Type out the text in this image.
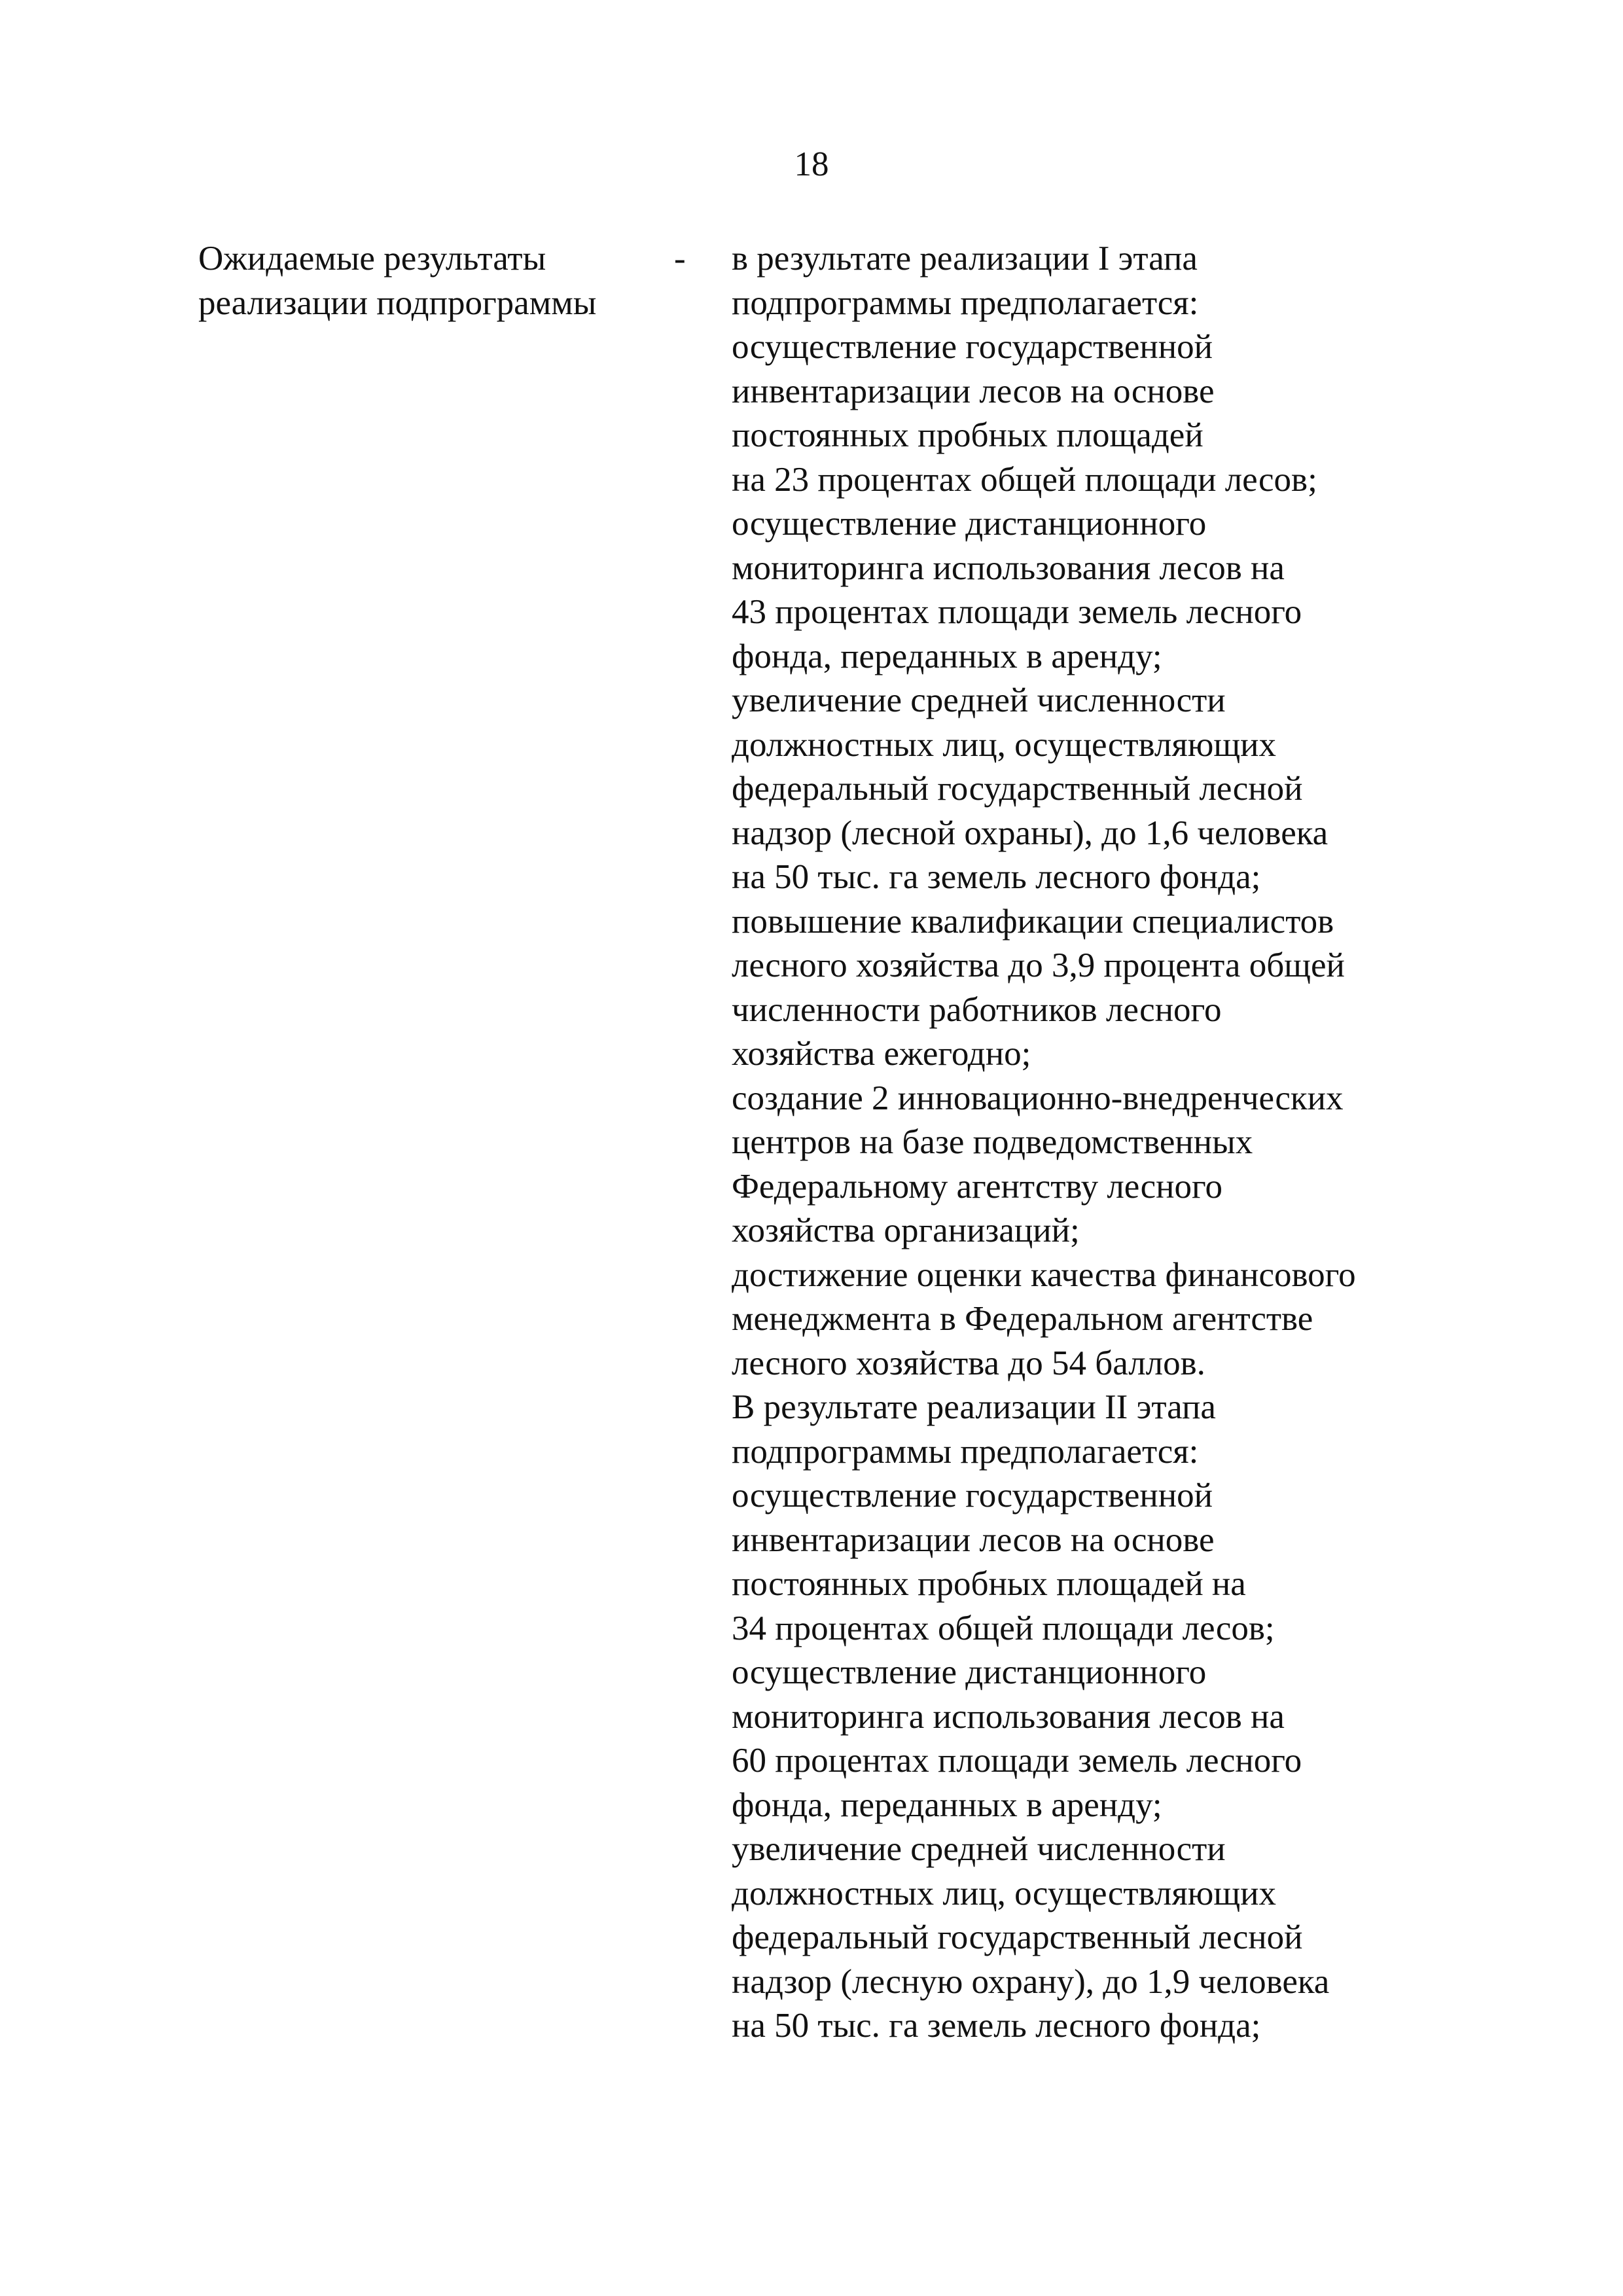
18
Ожидаемые результаты
реализации подпрограммы
- в результате реализации I этапа
подпрограммы предполагается:
осуществление государственной
инвентаризации лесов на основе
постоянных пробных площадей
на 23 процентах общей площади лесов;
осуществление дистанционного
мониторинга использования лесов на
43 процентах площади земель лесного
фонда, переданных в аренду;
увеличение средней численности
должностных лиц, осуществляющих
федеральный государственный лесной
надзор (лесной охраны), до 1,6 человека
на 50 тыс. га земель лесного фонда;
повышение квалификации специалистов
лесного хозяйства до 3,9 процента общей
численности работников лесного
хозяйства ежегодно;
создание 2 инновационно-внедренческих
центров на базе подведомственных
Федеральному агентству лесного
хозяйства организаций;
достижение оценки качества финансового
менеджмента в Федеральном агентстве
лесного хозяйства до 54 баллов.
В результате реализации II этапа
подпрограммы предполагается:
осуществление государственной
инвентаризации лесов на основе
постоянных пробных площадей на
34 процентах общей площади лесов;
осуществление дистанционного
мониторинга использования лесов на
60 процентах площади земель лесного
фонда, переданных в аренду;
увеличение средней численности
должностных лиц, осуществляющих
федеральный государственный лесной
надзор (лесную охрану), до 1,9 человека
на 50 тыс. га земель лесного фонда;
